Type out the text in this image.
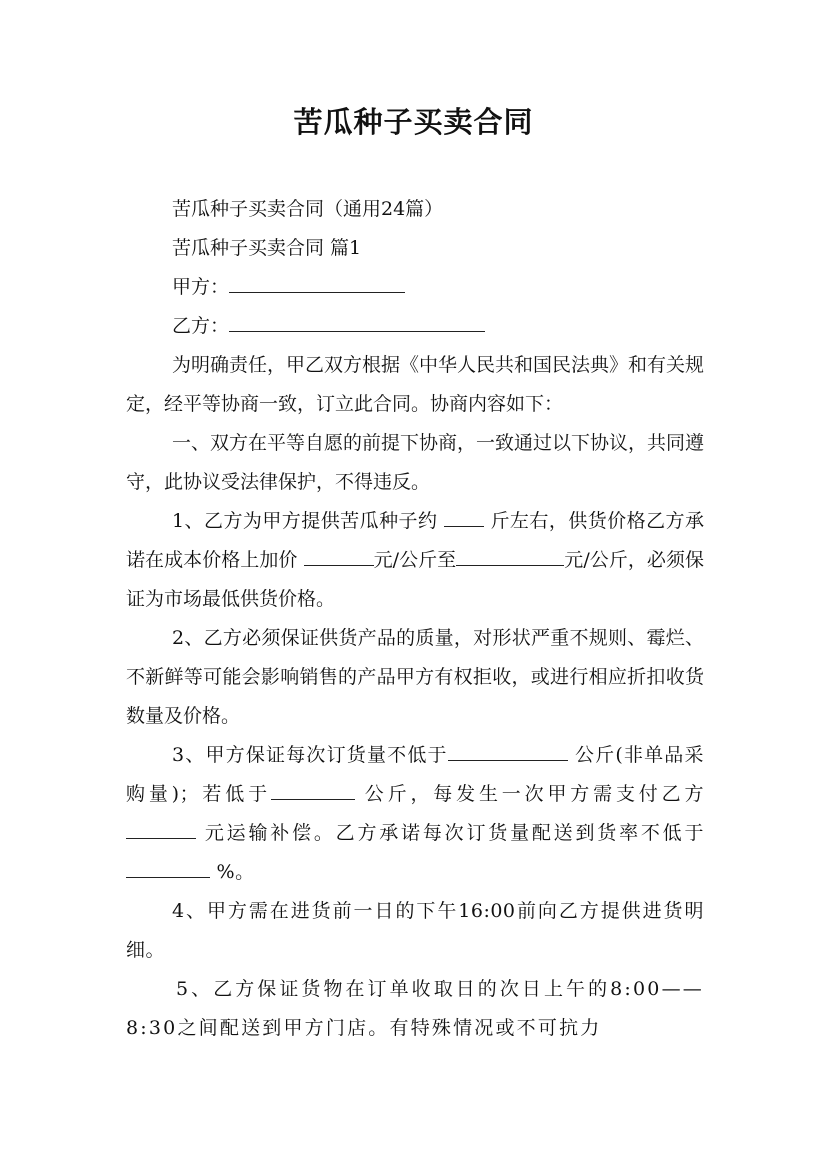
苦瓜种子买卖合同

苦瓜种子买卖合同（通用24篇）

苦瓜种子买卖合同 篇1

甲方：

乙方：

为明确责任，甲乙双方根据《中华人民共和国民法典》和有关规定，经平等协商一致，订立此合同。协商内容如下：

一、双方在平等自愿的前提下协商，一致通过以下协议，共同遵守，此协议受法律保护，不得违反。

1、乙方为甲方提供苦瓜种子约	斤左右，供货价格乙方承诺在成本价格上加价	元/公斤至	元/公斤，必须保证为市场最低供货价格。

2、乙方必须保证供货产品的质量，对形状严重不规则、霉烂、不新鲜等可能会影响销售的产品甲方有权拒收，或进行相应折扣收货数量及价格。

3、甲方保证每次订货量不低于	公斤(非单品采购量)；若低于	公斤，每发生一次甲方需支付乙方  元运输补偿。乙方承诺每次订货量配送到货率不低于 %。

4、甲方需在进货前一日的下午16:00前向乙方提供进货明细。

5、乙方保证货物在订单收取日的次日上午的8:00——8:30之间配送到甲方门店。有特殊情况或不可抗力
